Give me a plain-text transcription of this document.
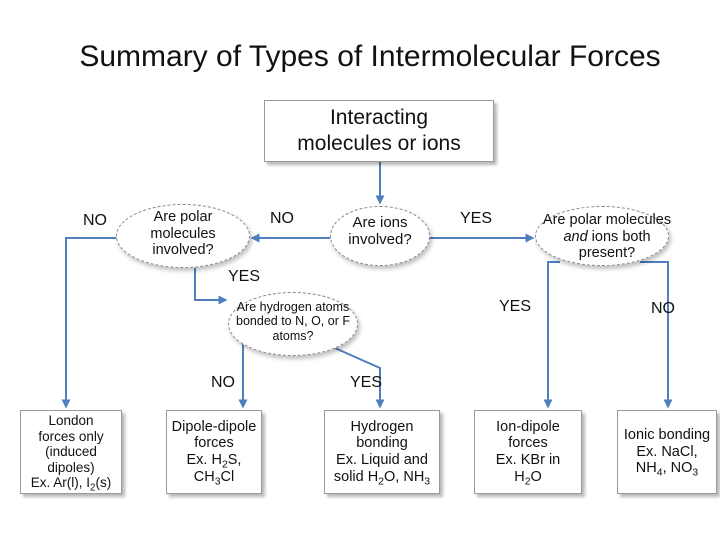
Summary of Types of Intermolecular Forces
Interacting
molecules or ions
Are polar
molecules
involved?
Are ions
involved?
Are polar molecules
and ions both
present?
Are hydrogen atoms
bonded to N, O, or F
atoms?
NO	NO	YES
YES
YES	NO
NO	YES
London
forces only
(induced
dipoles)
Ex. Ar(l), $I_2(s)$
Dipole-dipole
forces
Ex. $H_2S$,
$CH_3Cl$
Hydrogen
bonding
Ex. Liquid and
solid $H_2O$, $NH_3$
Ion-dipole
forces
Ex. KBr in
$H_2O$
Ionic bonding
Ex. NaCl,
$NH_4$, $NO_3$
